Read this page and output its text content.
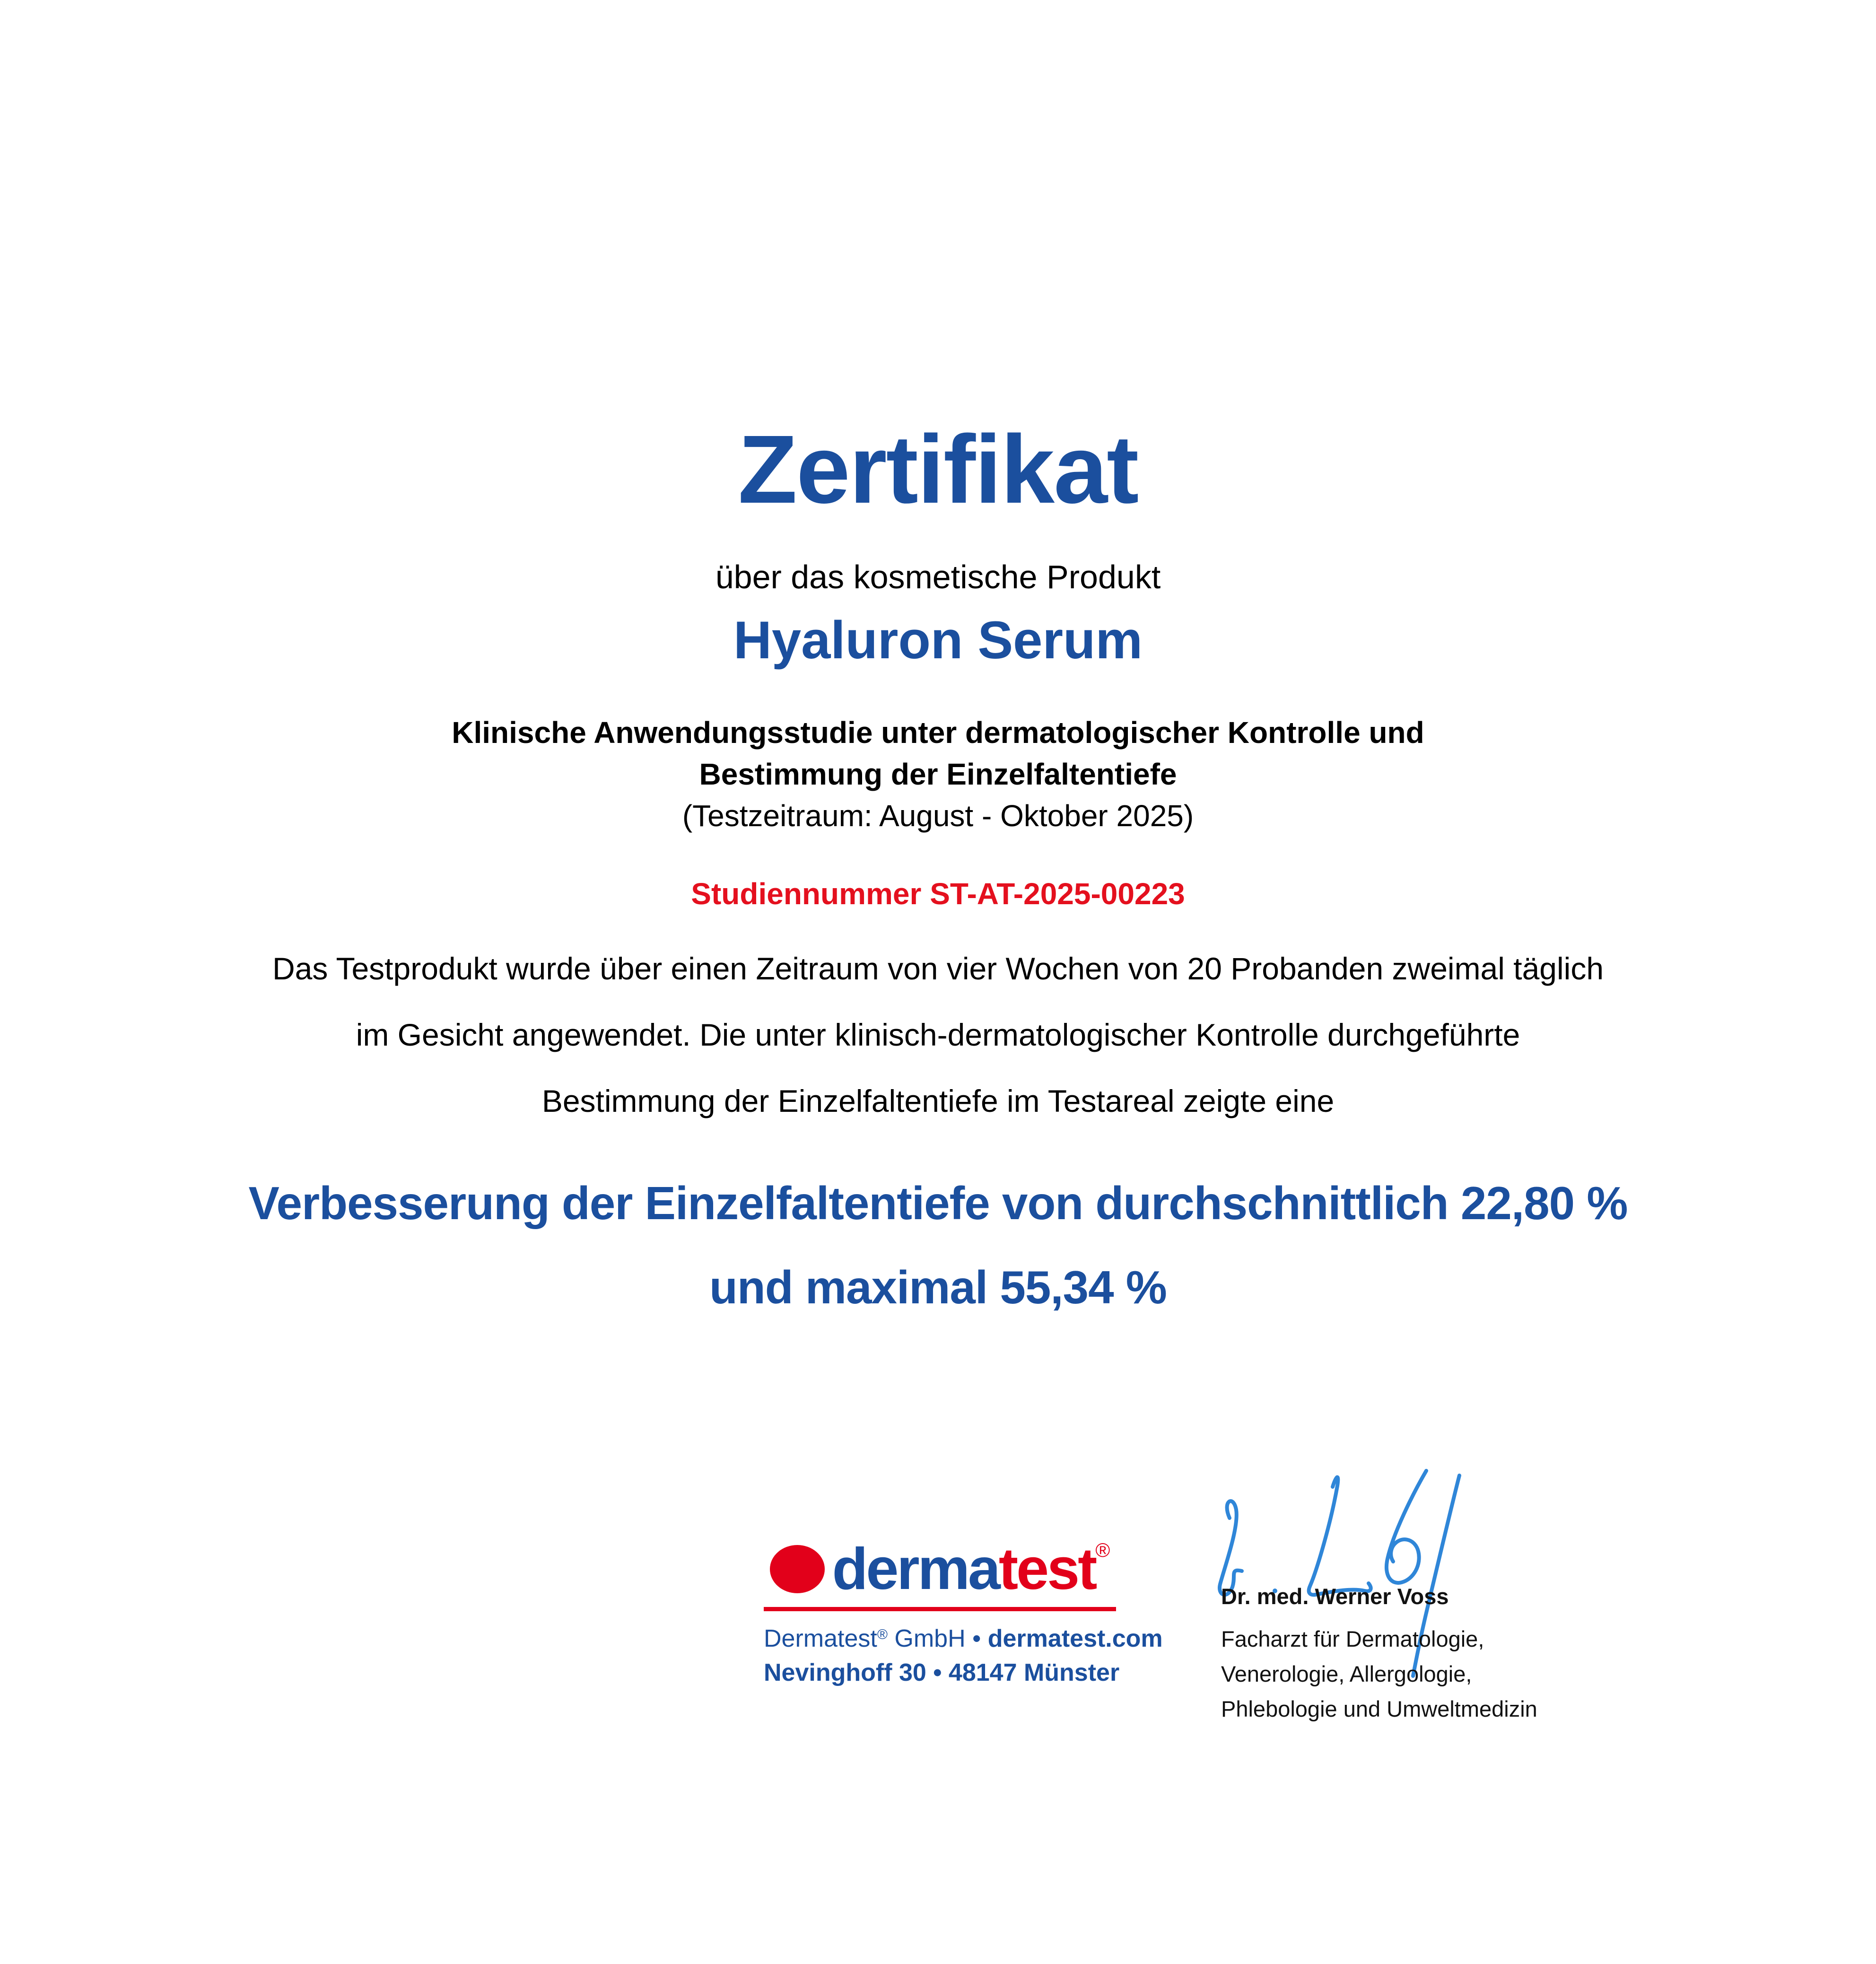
Zertifikat
über das kosmetische Produkt
Hyaluron Serum
Klinische Anwendungsstudie unter dermatologischer Kontrolle und
Bestimmung der Einzelfaltentiefe
(Testzeitraum: August - Oktober 2025)
Studiennummer ST-AT-2025-00223
Das Testprodukt wurde über einen Zeitraum von vier Wochen von 20 Probanden zweimal täglich
im Gesicht angewendet. Die unter klinisch-dermatologischer Kontrolle durchgeführte
Bestimmung der Einzelfaltentiefe im Testareal zeigte eine
Verbesserung der Einzelfaltentiefe von durchschnittlich 22,80 %
und maximal 55,34 %
dermatest®
Dermatest® GmbH • dermatest.com
Nevinghoff 30 • 48147 Münster
Dr. med. Werner Voss
Facharzt für Dermatologie,
Venerologie, Allergologie,
Phlebologie und Umweltmedizin
